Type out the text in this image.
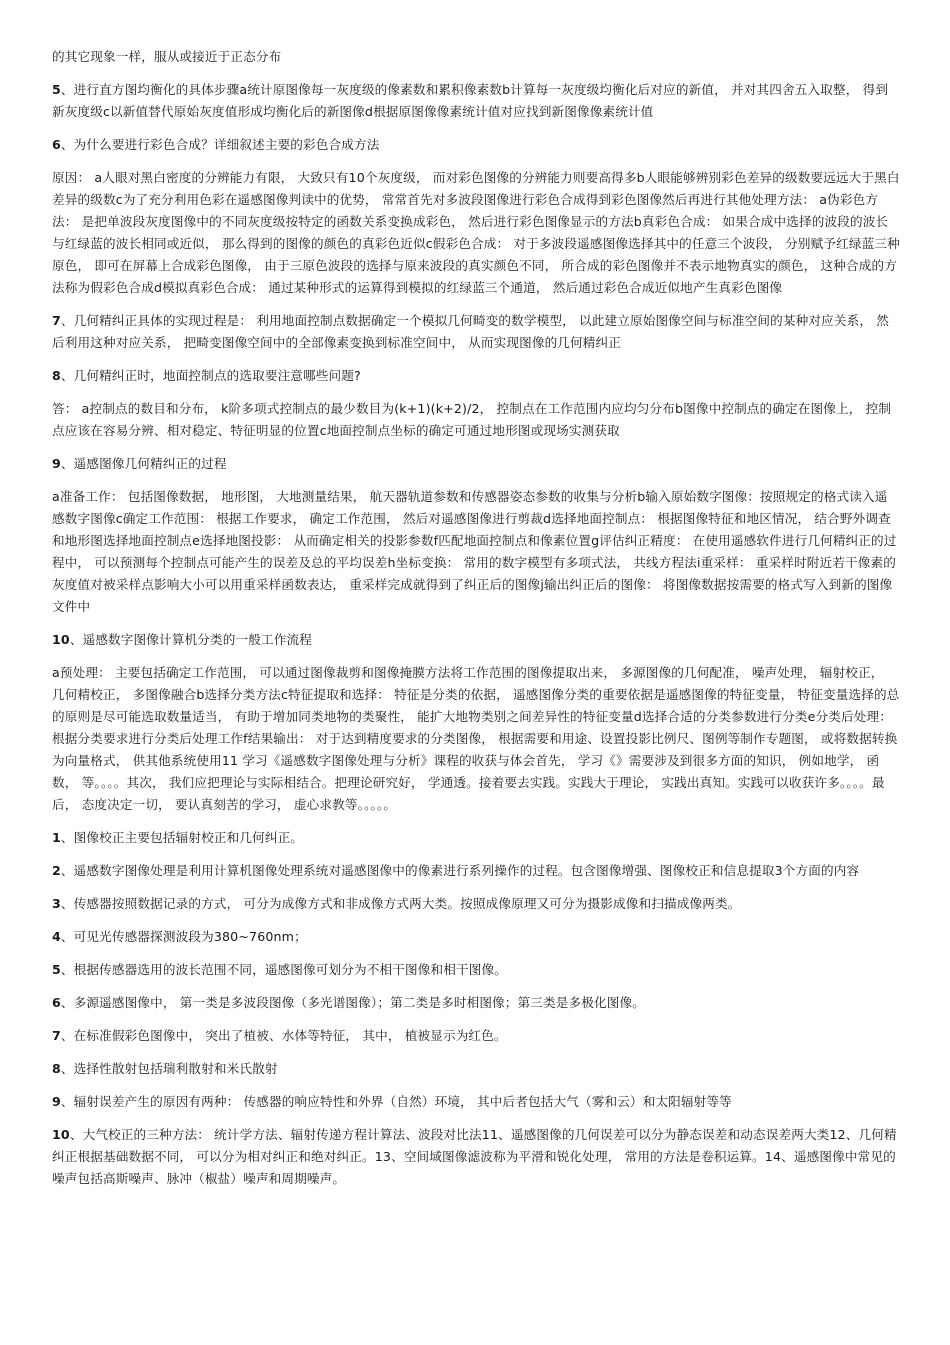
的其它现象一样，服从或接近于正态分布

5、进行直方图均衡化的具体步骤a统计原图像每一灰度级的像素数和累积像素数b计算每一灰度级均衡化后对应的新值， 并对其四舍五入取整， 得到新灰度级c以新值替代原始灰度值形成均衡化后的新图像d根据原图像像素统计值对应找到新图像像素统计值

6、为什么要进行彩色合成？详细叙述主要的彩色合成方法

原因： a人眼对黑白密度的分辨能力有限， 大致只有10个灰度级， 而对彩色图像的分辨能力则要高得多b人眼能够辨别彩色差异的级数要远远大于黑白差异的级数c为了充分利用色彩在遥感图像判读中的优势， 常常首先对多波段图像进行彩色合成得到彩色图像然后再进行其他处理方法： a伪彩色方法： 是把单波段灰度图像中的不同灰度级按特定的函数关系变换成彩色， 然后进行彩色图像显示的方法b真彩色合成： 如果合成中选择的波段的波长与红绿蓝的波长相同或近似， 那么得到的图像的颜色的真彩色近似c假彩色合成： 对于多波段遥感图像选择其中的任意三个波段， 分别赋予红绿蓝三种原色， 即可在屏幕上合成彩色图像， 由于三原色波段的选择与原来波段的真实颜色不同， 所合成的彩色图像并不表示地物真实的颜色， 这种合成的方法称为假彩色合成d模拟真彩色合成： 通过某种形式的运算得到模拟的红绿蓝三个通道， 然后通过彩色合成近似地产生真彩色图像

7、几何精纠正具体的实现过程是： 利用地面控制点数据确定一个模拟几何畸变的数学模型， 以此建立原始图像空间与标准空间的某种对应关系， 然后利用这种对应关系， 把畸变图像空间中的全部像素变换到标准空间中， 从而实现图像的几何精纠正

8、几何精纠正时，地面控制点的选取要注意哪些问题?

答： a控制点的数目和分布， k阶多项式控制点的最少数目为(k+1)(k+2)/2， 控制点在工作范围内应均匀分布b图像中控制点的确定在图像上， 控制点应该在容易分辨、相对稳定、特征明显的位置c地面控制点坐标的确定可通过地形图或现场实测获取

9、遥感图像几何精纠正的过程

a准备工作： 包括图像数据， 地形图， 大地测量结果， 航天器轨道参数和传感器姿态参数的收集与分析b输入原始数字图像：按照规定的格式读入遥感数字图像c确定工作范围： 根据工作要求， 确定工作范围， 然后对遥感图像进行剪裁d选择地面控制点： 根据图像特征和地区情况， 结合野外调查和地形图选择地面控制点e选择地图投影： 从而确定相关的投影参数f匹配地面控制点和像素位置g评估纠正精度： 在使用遥感软件进行几何精纠正的过程中， 可以预测每个控制点可能产生的误差及总的平均误差h坐标变换： 常用的数字模型有多项式法， 共线方程法i重采样： 重采样时附近若干像素的灰度值对被采样点影响大小可以用重采样函数表达， 重采样完成就得到了纠正后的图像j输出纠正后的图像： 将图像数据按需要的格式写入到新的图像文件中

10、遥感数字图像计算机分类的一般工作流程

a预处理： 主要包括确定工作范围， 可以通过图像裁剪和图像掩膜方法将工作范围的图像提取出来， 多源图像的几何配准， 噪声处理， 辐射校正， 几何精校正， 多图像融合b选择分类方法c特征提取和选择： 特征是分类的依据， 遥感图像分类的重要依据是遥感图像的特征变量， 特征变量选择的总的原则是尽可能选取数量适当， 有助于增加同类地物的类聚性， 能扩大地物类别之间差异性的特征变量d选择合适的分类参数进行分类e分类后处理： 根据分类要求进行分类后处理工作f结果输出： 对于达到精度要求的分类图像， 根据需要和用途、设置投影比例尺、图例等制作专题图， 或将数据转换为向量格式， 供其他系统使用11 学习《遥感数字图像处理与分析》课程的收获与体会首先， 学习《》需要涉及到很多方面的知识， 例如地学， 函数， 等。。。。其次， 我们应把理论与实际相结合。把理论研究好， 学通透。接着要去实践。实践大于理论， 实践出真知。实践可以收获许多。。。。最后， 态度决定一切， 要认真刻苦的学习， 虚心求教等。。。。。

1、图像校正主要包括辐射校正和几何纠正。

2、遥感数字图像处理是利用计算机图像处理系统对遥感图像中的像素进行系列操作的过程。包含图像增强、图像校正和信息提取3个方面的内容

3、传感器按照数据记录的方式， 可分为成像方式和非成像方式两大类。按照成像原理又可分为摄影成像和扫描成像两类。

4、可见光传感器探测波段为380~760nm；

5、根据传感器选用的波长范围不同，遥感图像可划分为不相干图像和相干图像。

6、多源遥感图像中， 第一类是多波段图像（多光谱图像）；第二类是多时相图像；第三类是多极化图像。

7、在标准假彩色图像中， 突出了植被、水体等特征， 其中， 植被显示为红色。

8、选择性散射包括瑞利散射和米氏散射

9、辐射误差产生的原因有两种： 传感器的响应特性和外界（自然）环境， 其中后者包括大气（雾和云）和太阳辐射等等

10、大气校正的三种方法： 统计学方法、辐射传递方程计算法、波段对比法11、遥感图像的几何误差可以分为静态误差和动态误差两大类12、几何精纠正根据基础数据不同， 可以分为相对纠正和绝对纠正。13、空间域图像滤波称为平滑和锐化处理， 常用的方法是卷积运算。14、遥感图像中常见的噪声包括高斯噪声、脉冲（椒盐）噪声和周期噪声。
